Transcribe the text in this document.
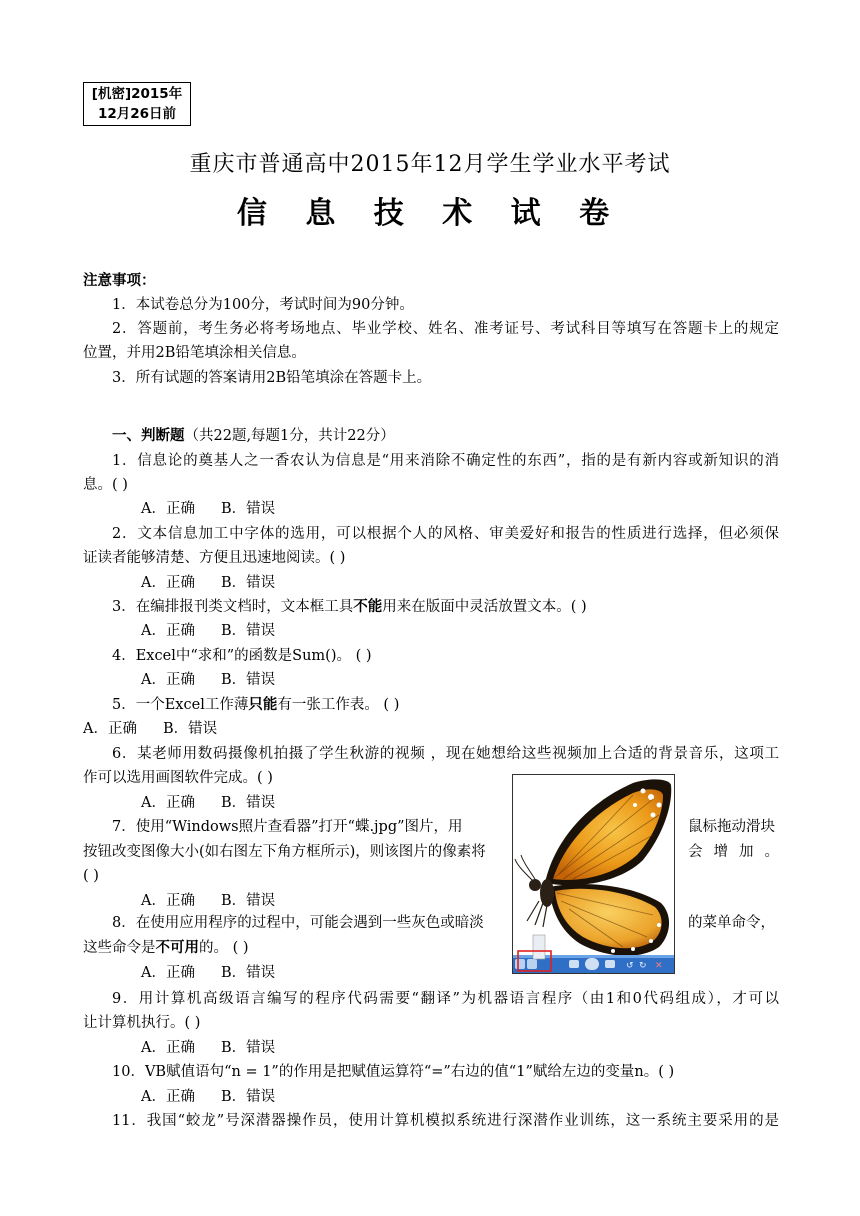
[机密]2015年
12月26日前
重庆市普通高中2015年12月学生学业水平考试
信 息 技 术 试 卷
注意事项：
1．本试卷总分为100分，考试时间为90分钟。
2．答题前，考生务必将考场地点、毕业学校、姓名、准考证号、考试科目等填写在答题卡上的规定
位置，并用2B铅笔填涂相关信息。
3．所有试题的答案请用2B铅笔填涂在答题卡上。
一、判断题（共22题,每题1分，共计22分）
1．信息论的奠基人之一香农认为信息是“用来消除不确定性的东西”，指的是有新内容或新知识的消
息。( )
A．正确 B．错误
2．文本信息加工中字体的选用，可以根据个人的风格、审美爱好和报告的性质进行选择，但必须保
证读者能够清楚、方便且迅速地阅读。( )
A．正确 B．错误
3．在编排报刊类文档时，文本框工具不能用来在版面中灵活放置文本。( )
A．正确 B．错误
4．Excel中“求和”的函数是Sum()。 ( )
A．正确 B．错误
5．一个Excel工作薄只能有一张工作表。 ( )
A．正确 B．错误
6．某老师用数码摄像机拍摄了学生秋游的视频 ，现在她想给这些视频加上合适的背景音乐，这项工
作可以选用画图软件完成。( )
A．正确 B．错误
7．使用“Windows照片查看器”打开“蝶.jpg”图片，用	鼠标拖动滑块
按钮改变图像大小(如右图左下角方框所示)，则该图片的像素将	会 增 加 。
( )
A．正确 B．错误
8．在使用应用程序的过程中，可能会遇到一些灰色或暗淡	的菜单命令，
这些命令是不可用的。 ( )
A．正确 B．错误
9．用计算机高级语言编写的程序代码需要“翻译”为机器语言程序（由1和0代码组成），才可以
让计算机执行。( )
A．正确 B．错误
10．VB赋值语句“n = 1”的作用是把赋值运算符“=”右边的值“1”赋给左边的变量n。( )
A．正确 B．错误
11．我国“蛟龙”号深潜器操作员，使用计算机模拟系统进行深潜作业训练，这一系统主要采用的是
↺ ↻ ✕
